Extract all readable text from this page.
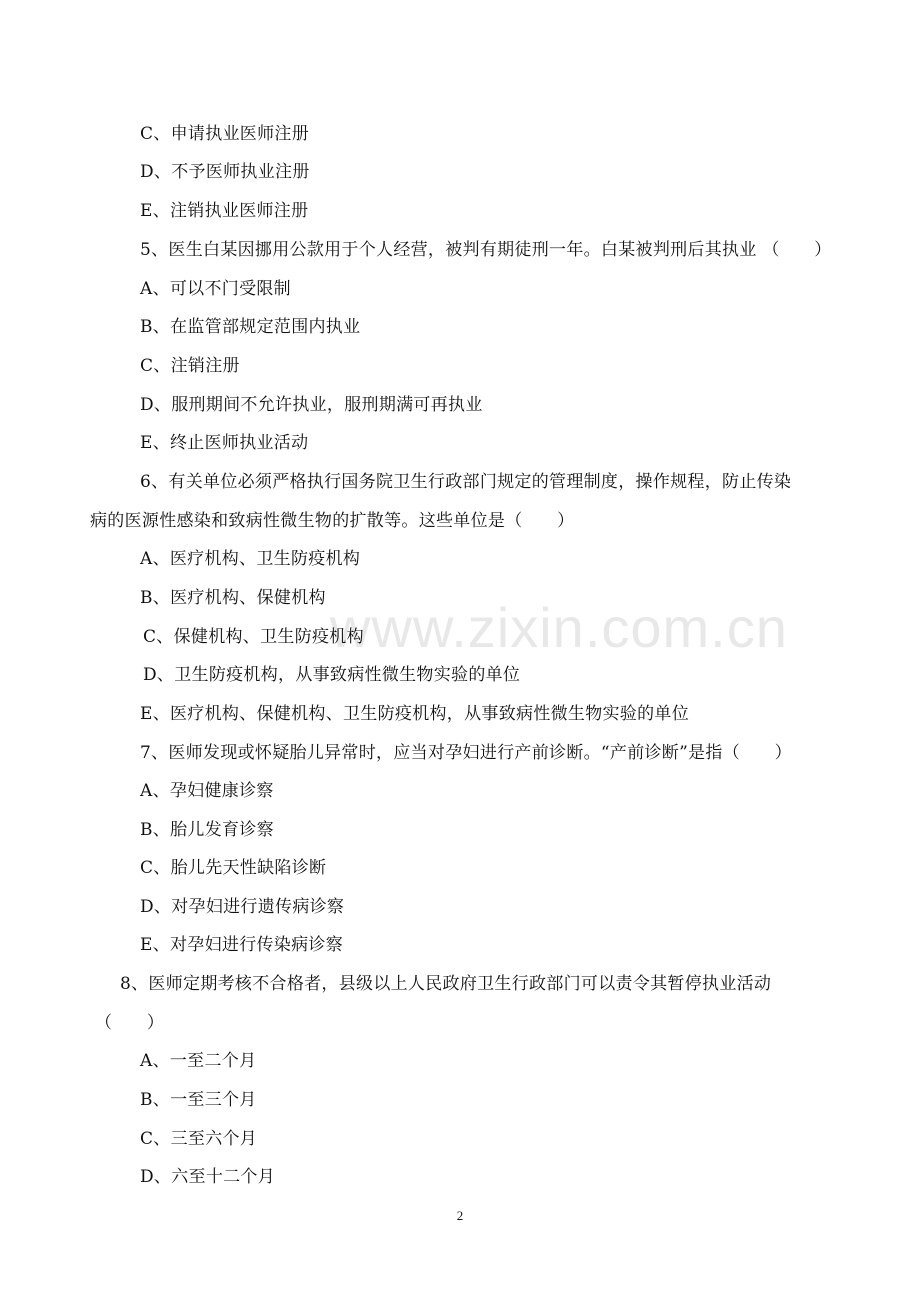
www.zixin.com.cn
C、申请执业医师注册
D、不予医师执业注册
E、注销执业医师注册
5、医生白某因挪用公款用于个人经营，被判有期徒刑一年。白某被判刑后其执业 （　　）
A、可以不门受限制
B、在监管部规定范围内执业
C、注销注册
D、服刑期间不允许执业，服刑期满可再执业
E、终止医师执业活动
6、有关单位必须严格执行国务院卫生行政部门规定的管理制度，操作规程，防止传染
病的医源性感染和致病性微生物的扩散等。这些单位是（　　）
A、医疗机构、卫生防疫机构
B、医疗机构、保健机构
C、保健机构、卫生防疫机构
D、卫生防疫机构，从事致病性微生物实验的单位
E、医疗机构、保健机构、卫生防疫机构，从事致病性微生物实验的单位
7、医师发现或怀疑胎儿异常时，应当对孕妇进行产前诊断。“产前诊断”是指（　　）
A、孕妇健康诊察
B、胎儿发育诊察
C、胎儿先天性缺陷诊断
D、对孕妇进行遗传病诊察
E、对孕妇进行传染病诊察
8、医师定期考核不合格者，县级以上人民政府卫生行政部门可以责令其暂停执业活动
（　　）
A、一至二个月
B、一至三个月
C、三至六个月
D、六至十二个月
2
